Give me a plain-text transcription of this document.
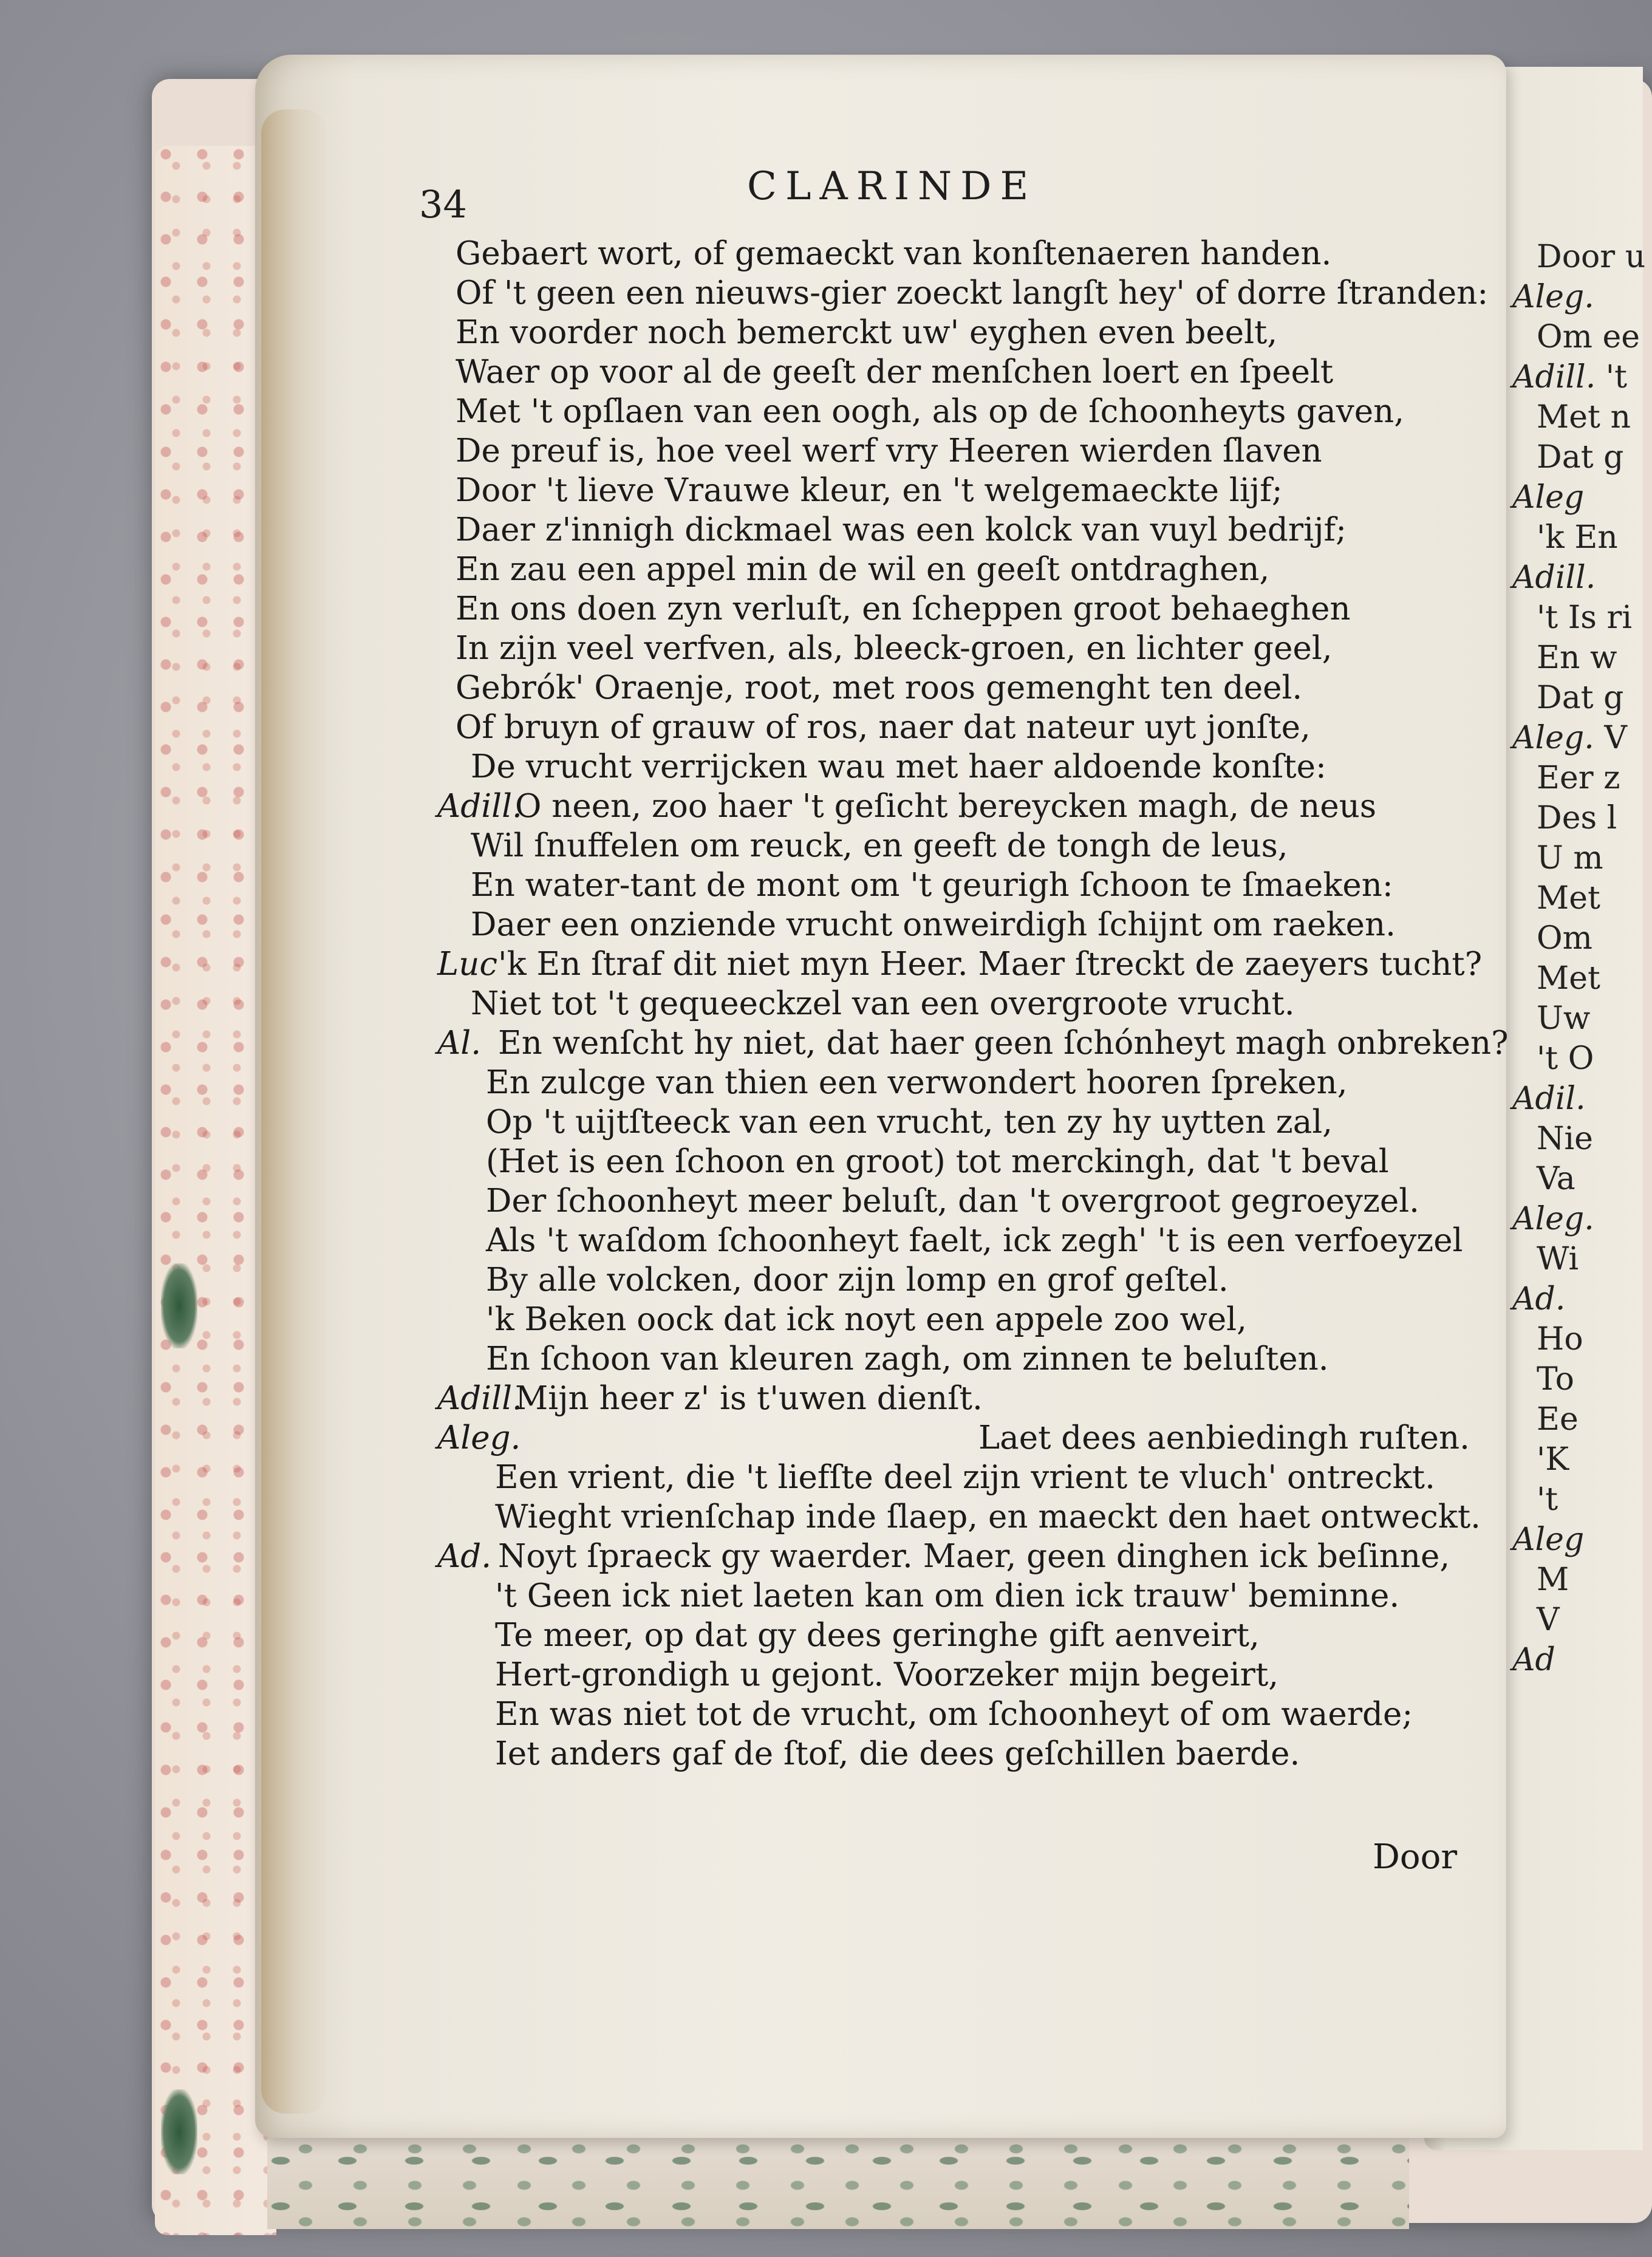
Door u
Aleg.
Om ee
Adill. 't
Met n
Dat g
Aleg
'k En
Adill.
't Is ri
En w
Dat g
Aleg. V
Eer z
Des l
U m
Met
Om
Met
Uw
't O
Adil.
Nie
Va
Aleg.
Wi
Ad.
Ho
To
Ee
'K
't
Aleg
M
V
Ad
34	CLARINDE
Gebaert wort, of gemaeckt van konſtenaeren handen.
Of 't geen een nieuws-gier zoeckt langſt hey' of dorre ſtranden:
En voorder noch bemerckt uw' eyghen even beelt,
Waer op voor al de geeſt der menſchen loert en ſpeelt
Met 't opſlaen van een oogh, als op de ſchoonheyts gaven,
De preuf is, hoe veel werf vry Heeren wierden ſlaven
Door 't lieve Vrauwe kleur, en 't welgemaeckte lijf;
Daer z'innigh dickmael was een kolck van vuyl bedrijf;
En zau een appel min de wil en geeſt ontdraghen,
En ons doen zyn verluſt, en ſcheppen groot behaeghen
In zijn veel verfven, als, bleeck-groen, en lichter geel,
Gebrók' Oraenje, root, met roos gemenght ten deel.
Of bruyn of grauw of ros, naer dat nateur uyt jonſte,
De vrucht verrijcken wau met haer aldoende konſte:
Adill.
O neen, zoo haer 't geſicht bereycken magh, de neus
Wil ſnuffelen om reuck, en geeft de tongh de leus,
En water-tant de mont om 't geurigh ſchoon te ſmaeken:
Daer een onziende vrucht onweirdigh ſchijnt om raeken.
Luc 'k En ſtraf dit niet myn Heer. Maer ſtreckt de zaeyers tucht?
Niet tot 't gequeeckzel van een overgroote vrucht.
Al. En wenſcht hy niet, dat haer geen ſchónheyt magh onbreken?
En zulcge van thien een verwondert hooren ſpreken,
Op 't uijtſteeck van een vrucht, ten zy hy uytten zal,
(Het is een ſchoon en groot) tot merckingh, dat 't beval
Der ſchoonheyt meer beluſt, dan 't overgroot gegroeyzel.
Als 't waſdom ſchoonheyt faelt, ick zegh' 't is een verfoeyzel
By alle volcken, door zijn lomp en grof geſtel.
'k Beken oock dat ick noyt een appele zoo wel,
En ſchoon van kleuren zagh, om zinnen te beluſten.
Adill.
Mijn heer z' is t'uwen dienſt.
Aleg.	Laet dees aenbiedingh ruſten.
Een vrient, die 't liefſte deel zijn vrient te vluch' ontreckt.
Wieght vrienſchap inde ſlaep, en maeckt den haet ontweckt.
Ad. Noyt ſpraeck gy waerder. Maer, geen dinghen ick beſinne,
't Geen ick niet laeten kan om dien ick trauw' beminne.
Te meer, op dat gy dees geringhe gift aenveirt,
Hert-grondigh u gejont. Voorzeker mijn begeirt,
En was niet tot de vrucht, om ſchoonheyt of om waerde;
Iet anders gaf de ſtof, die dees geſchillen baerde.
Door
